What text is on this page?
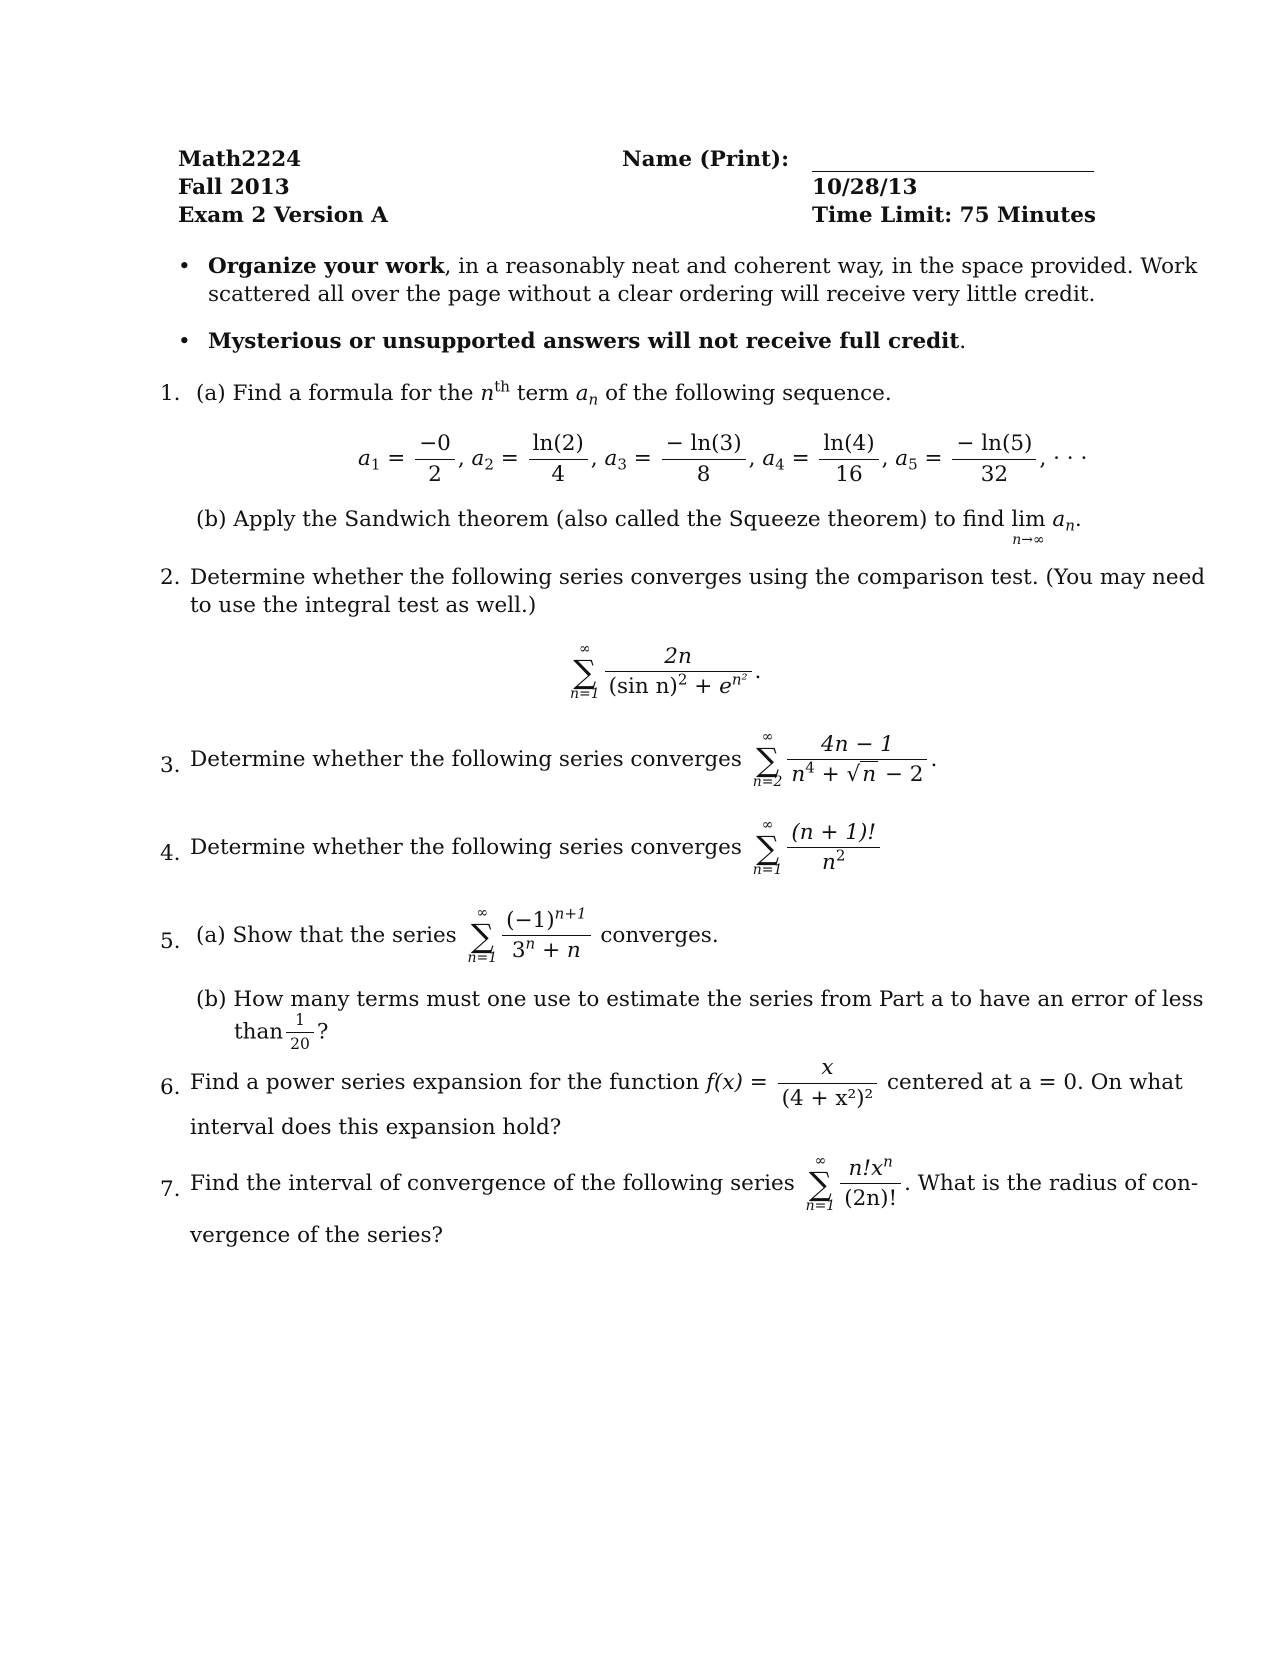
Math2224
Fall 2013
Exam 2 Version A
Name (Print):
10/28/13
Time Limit: 75 Minutes
• Organize your work, in a reasonably neat and coherent way, in the space provided. Work
scattered all over the page without a clear ordering will receive very little credit.
• Mysterious or unsupported answers will not receive full credit.
1. (a) Find a formula for the $n^{th}$ term $a_n$ of the following sequence.
$a_1 = \frac{-0}{2}$ , $a_2 = \frac{\ln(2)}{4}$ , $a_3 = \frac{- \ln(3)}{8}$ , $a_4 = \frac{\ln(4)}{16}$ , $a_5 = \frac{- \ln(5)}{32}$ , · · ·
(b) Apply the Sandwich theorem (also called the Squeeze theorem) to find lim
n→∞
$a_n$.
2. Determine whether the following series converges using the comparison test. (You may need
to use the integral test as well.)
∞
∑
$n=1 \frac{2n}{(\sin n)^2 + e^{n^2}}$ .
3. Determine whether the following series converges
∞
∑
$n=2 \frac{4n - 1}{n^4 + √n - 2}$ .
4. Determine whether the following series converges
∞
∑
$n=1 \frac{(n + 1)!}{n^2}$
5. (a) Show that the series
∞
∑
$n=1 \frac{(-1)^{n+1}}{3^n + n}$ converges.
(b) How many terms must one use to estimate the series from Part a to have an error of less
than $\frac{1}{20}$ ?
6. Find a power series expansion for the function $f(x) = \frac{x}{\text{(4 + x²)²}}$ centered at a = 0. On what
interval does this expansion hold?
7. Find the interval of convergence of the following series
∞
∑
$n=1 \frac{n!x^n}{(2n)!}$ . What is the radius of con-
vergence of the series?
